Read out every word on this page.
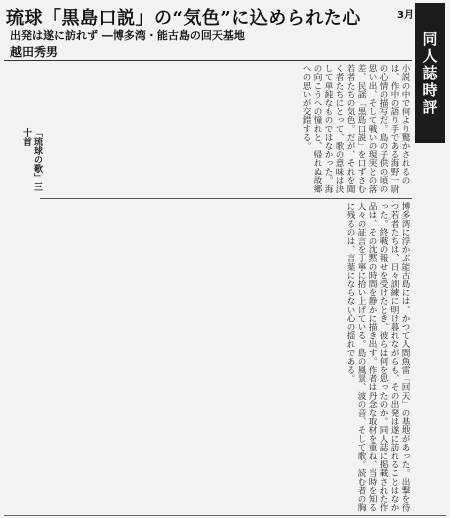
琉球「黒島口説」の“気色”に込められた心
出発は遂に訪れず ―博多湾・能古島の回天基地
越田秀男
3月
同人誌時評
小説の中で何より驚かされるのは、作中の語り手である海野一尉の心情の描写だ。島の子供の頃の思い出、そして戦いの現実との落差、民謡「黒島口説」を口ずさむ若者たちの気色。だが、それを聞く者たちにとって、歌の意味は決して単純なものではなかった。海の向こうへの憧れと、帰れぬ故郷への思いが交錯する。
博多湾に浮かぶ能古島には、かつて人間魚雷「回天」の基地があった。出撃を待つ若者たちは、日々訓練に明け暮れながらも、その出発は遂に訪れることはなかった。終戦の報せを受けたとき、彼らは何を思ったのか。同人誌に掲載された作品は、その沈黙の時間を静かに描き出す。作者は丹念な取材を重ね、当時を知る人々の証言を丁寧に拾い上げている。島の風景、波の音、そして歌。読む者の胸に残るのは、言葉にならない心の揺れである。
「琉球の歌」三十首
